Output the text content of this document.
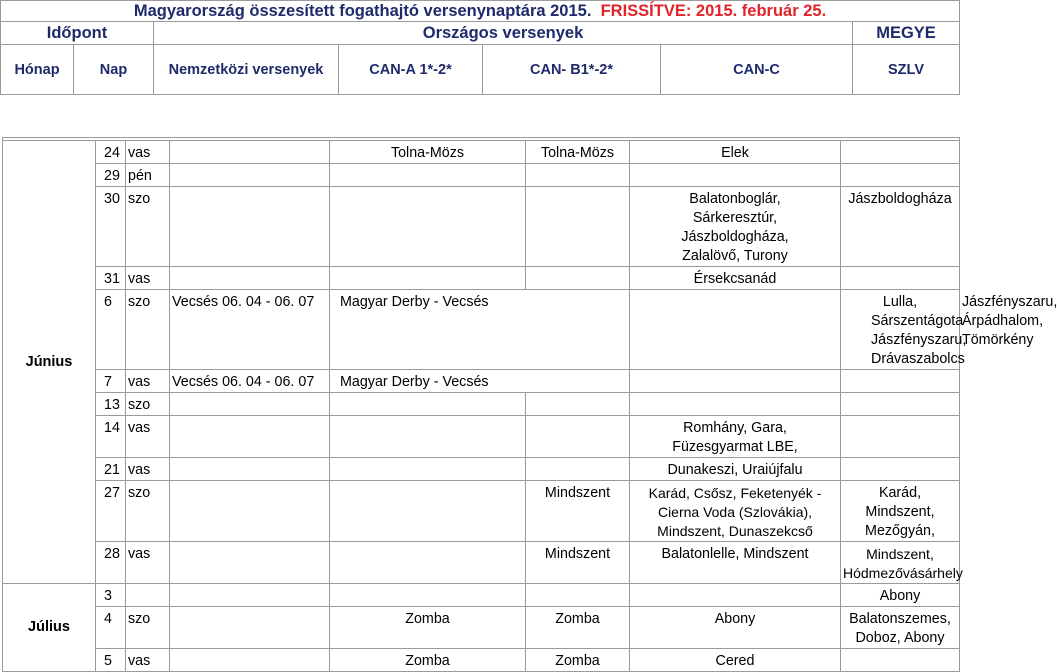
Magyarország összesített fogathajtó versenynaptára 2015. FRISSÍTVE: 2015. február 25.						
Időpont		Országos versenyek				MEGYE
Hónap	Nap	Nemzetközi versenyek	CAN-A 1*-2*	CAN- B1*-2*	CAN-C	SZLV

Június	24	vas		Tolna-Mözs	Tolna-Mözs	Elek		
	29	pén						
	30	szo				Balatonboglár, Sárkeresztúr, Jászboldogháza, Zalalövő, Turony	Jászboldogháza	
	31	vas				Érsekcsanád		
	6	szo	Vecsés 06. 04 - 06. 07	Magyar Derby - Vecsés			Lulla, Sárszentágota Jászfényszaru, Drávaszabolcs	Jászfényszaru, Árpádhalom, Tömörkény
	7	vas	Vecsés 06. 04 - 06. 07	Magyar Derby - Vecsés				
	13	szo						
	14	vas				Romhány, Gara, Füzesgyarmat LBE,		
	21	vas				Dunakeszi, Uraiújfalu		
	27	szo			Mindszent	Karád, Csősz, Feketenyék - Cierna Voda (Szlovákia), Mindszent, Dunaszekcső	Karád, Mindszent, Mezőgyán,	
	28	vas			Mindszent	Balatonlelle, Mindszent	Mindszent, Hódmezővásárhely	
Július	3						Abony	
	4	szo		Zomba	Zomba	Abony	Balatonszemes, Doboz, Abony	
	5	vas		Zomba	Zomba	Cered		
